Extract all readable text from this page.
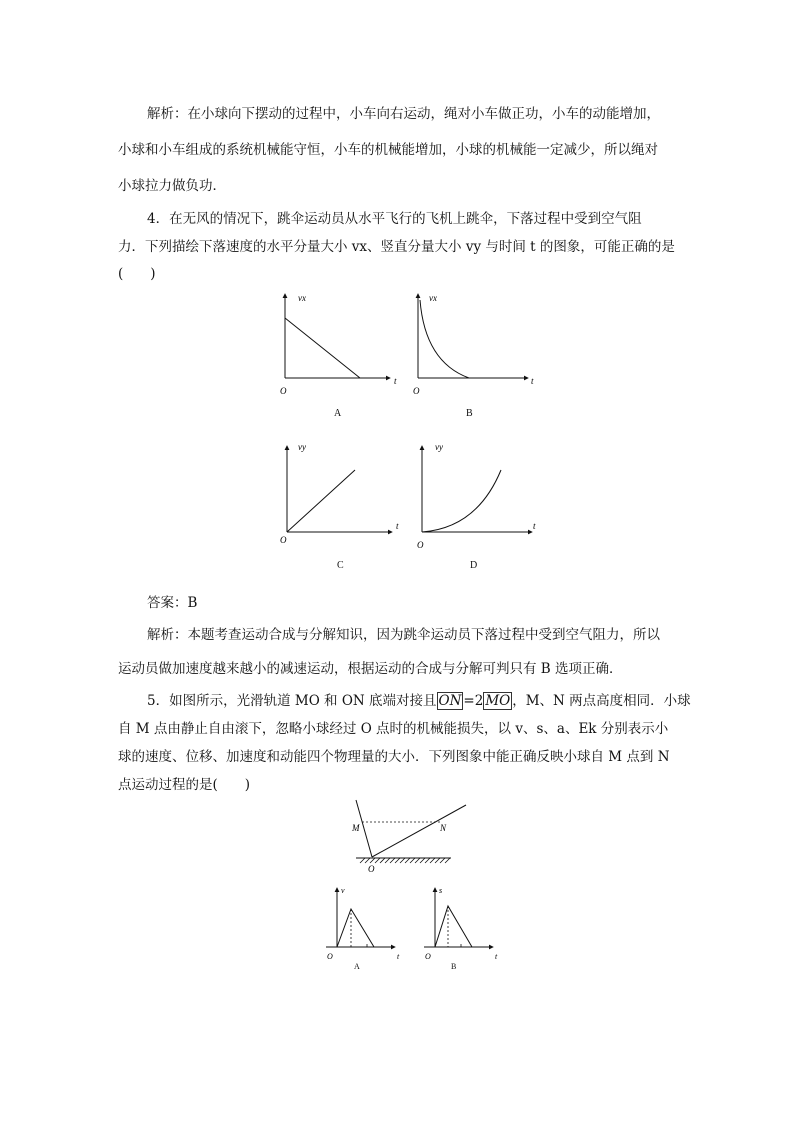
解析：在小球向下摆动的过程中，小车向右运动，绳对小车做正功，小车的动能增加，
小球和小车组成的系统机械能守恒，小车的机械能增加，小球的机械能一定减少，所以绳对
小球拉力做负功．
4．在无风的情况下，跳伞运动员从水平飞行的飞机上跳伞，下落过程中受到空气阻
力．下列描绘下落速度的水平分量大小 vx、竖直分量大小 vy 与时间 t 的图象，可能正确的是
(　　)
vx
t
O
A
vx
t
O
B
vy
t
O
C
vy
t
O
D
答案：B
解析：本题考查运动合成与分解知识，因为跳伞运动员下落过程中受到空气阻力，所以
运动员做加速度越来越小的减速运动，根据运动的合成与分解可判只有 B 选项正确．
5．如图所示，光滑轨道 MO 和 ON 底端对接且 ON =2 MO ，M、N 两点高度相同．小球
自 M 点由静止自由滚下，忽略小球经过 O 点时的机械能损失，以 v、s、a、Ek 分别表示小
球的速度、位移、加速度和动能四个物理量的大小．下列图象中能正确反映小球自 M 点到 N
点运动过程的是(　　)
M	N
O
v
t
O
A
s
t
O
B
